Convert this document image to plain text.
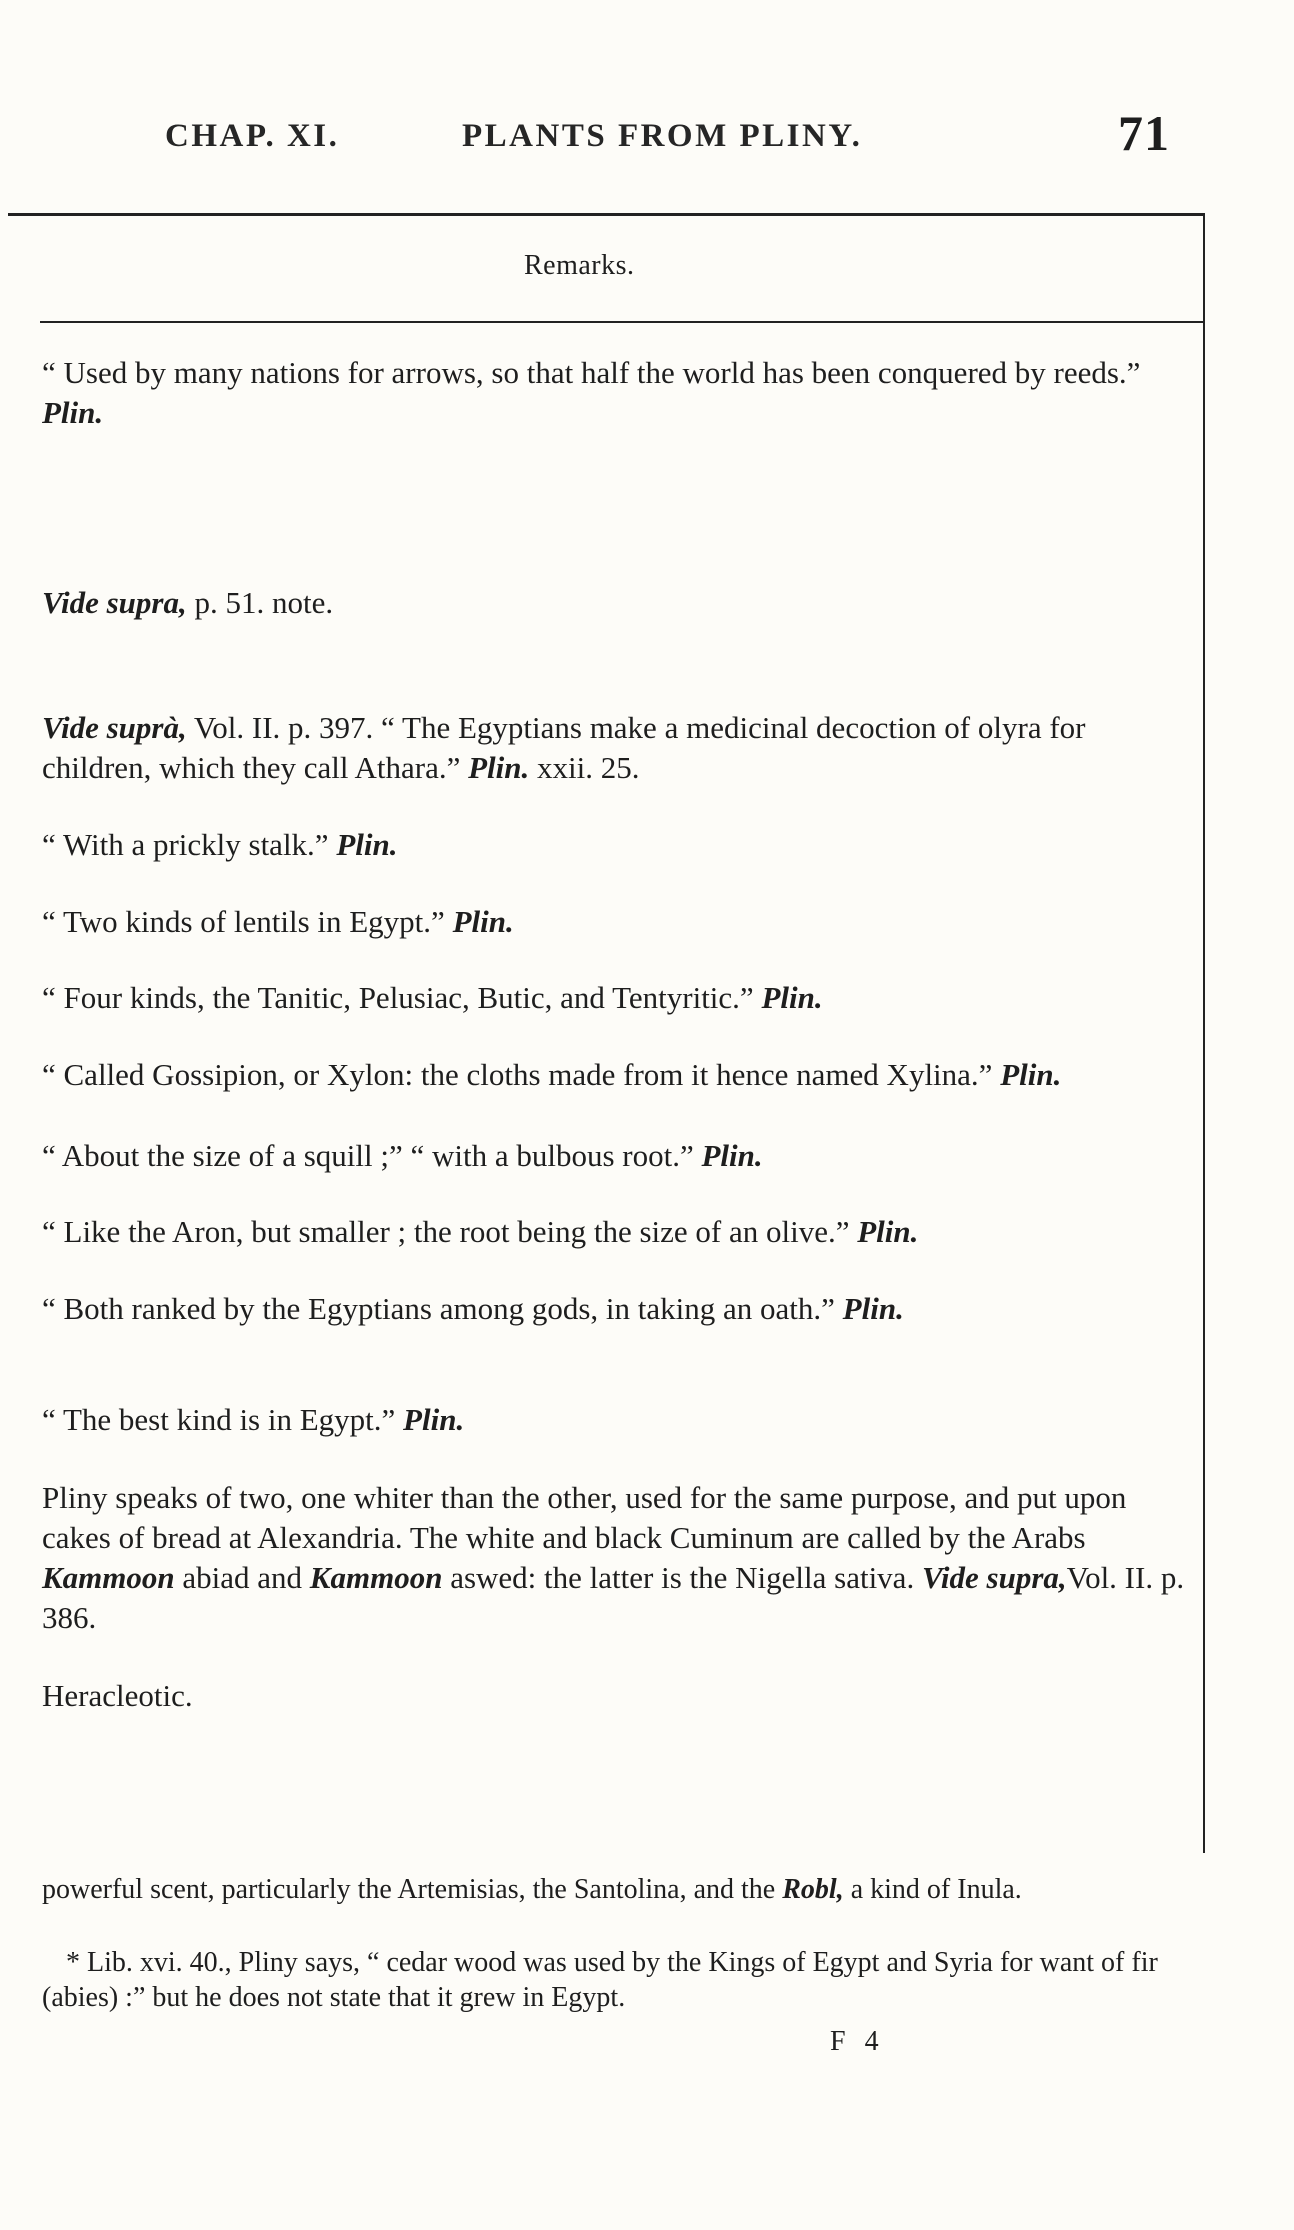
CHAP. XI.	PLANTS FROM PLINY.	71
Remarks.
“ Used by many nations for arrows, so that half the world has been conquered by reeds.” Plin.
Vide supra, p. 51. note.
Vide suprà, Vol. II. p. 397. “ The Egyptians make a medicinal decoction of olyra for children, which they call Athara.” Plin. xxii. 25.
“ With a prickly stalk.” Plin.
“ Two kinds of lentils in Egypt.” Plin.
“ Four kinds, the Tanitic, Pelusiac, Butic, and Tentyritic.” Plin.
“ Called Gossipion, or Xylon: the cloths made from it hence named Xylina.” Plin.
“ About the size of a squill ;” “ with a bulbous root.” Plin.
“ Like the Aron, but smaller ; the root being the size of an olive.” Plin.
“ Both ranked by the Egyptians among gods, in taking an oath.” Plin.
“ The best kind is in Egypt.” Plin.
Pliny speaks of two, one whiter than the other, used for the same purpose, and put upon cakes of bread at Alexandria. The white and black Cuminum are called by the Arabs Kammoon abiad and Kammoon aswed: the latter is the Nigella sativa. Vide supra,Vol. II. p. 386.
Heracleotic.
powerful scent, particularly the Artemisias, the Santolina, and the Robl, a kind of Inula.
* Lib. xvi. 40., Pliny says, “ cedar wood was used by the Kings of Egypt and Syria for want of fir (abies) :” but he does not state that it grew in Egypt.
F 4
